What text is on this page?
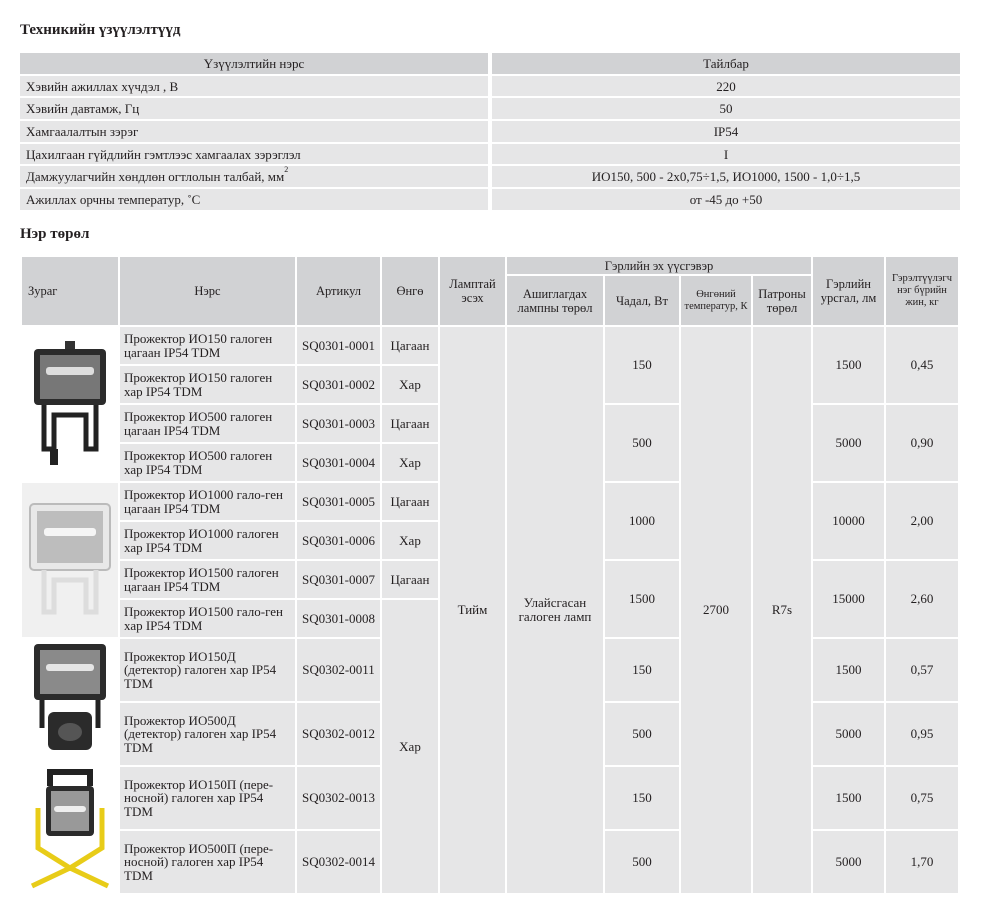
Техникийн үзүүлэлтүүд
Үзүүлэлтийн нэрс	Тайлбар
Хэвийн ажиллах хүчдэл , В	220
Хэвийн давтамж, Гц	50
Хамгаалалтын зэрэг	IP54
Цахилгаан гүйдлийн гэмтлээс хамгаалах зэрэглэл	I
Дамжуулагчийн хөндлөн огтлолын талбай, $мм^2$	ИО150, 500 - 2х0,75÷1,5, ИО1000, 1500 - 1,0÷1,5
Ажиллах орчны температур, ˚С	от -45 до +50
Нэр төрөл
Зураг	Нэрс	Артикул	Өнгө	Ламптай эсэх	Гэрлийн эх үүсгэвэр				Гэрлийн урсгал, лм	Гэрэлтүүлэгч нэг бүрийн жин, кг
					Ашиглагдах лампны төрөл	Чадал, Вт	Өнгөний температур, К	Патроны төрөл		

	Прожектор ИО150 галоген цагаан IP54 TDM	SQ0301-0001	Цагаан	Тийм	Улайсгасан галоген ламп	150	2700	R7s	1500	0,45
	Прожектор ИО150 галоген хар IP54 TDM	SQ0301-0002	Хар							
	Прожектор ИО500 галоген цагаан IP54 TDM	SQ0301-0003	Цагаан			500			5000	0,90
	Прожектор ИО500 галоген хар IP54 TDM	SQ0301-0004	Хар							

	Прожектор ИО1000 гало-ген цагаан IP54 TDM	SQ0301-0005	Цагаан			1000			10000	2,00
	Прожектор ИО1000 галоген хар IP54 TDM	SQ0301-0006	Хар							
	Прожектор ИО1500 галоген цагаан IP54 TDM	SQ0301-0007	Цагаан			1500			15000	2,60
	Прожектор ИО1500 гало-ген хар IP54 TDM	SQ0301-0008	Хар							

	Прожектор ИО150Д (детектор) галоген хар IP54 TDM	SQ0302-0011				150			1500	0,57
	Прожектор ИО500Д (детектор) галоген хар IP54 TDM	SQ0302-0012				500			5000	0,95

	Прожектор ИО150П (пере-носной) галоген хар IP54 TDM	SQ0302-0013				150			1500	0,75
	Прожектор ИО500П (пере-носной) галоген хар IP54 TDM	SQ0302-0014				500			5000	1,70
